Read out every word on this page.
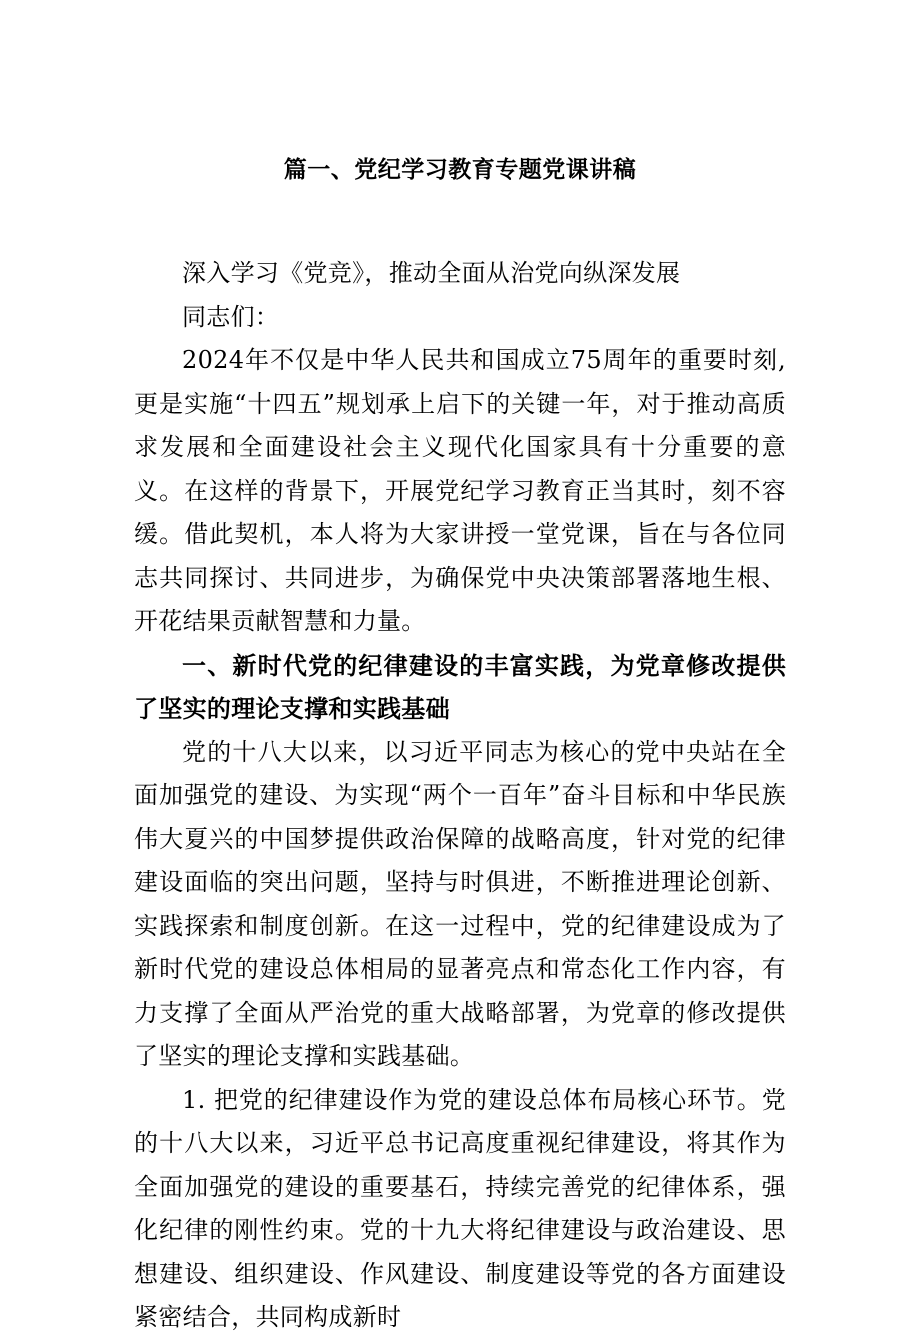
篇一、党纪学习教育专题党课讲稿

深入学习《党竞》，推动全面从治党向纵深发展

同志们：

2024年不仅是中华人民共和国成立75周年的重要时刻,更是实施“十四五”规划承上启下的关键一年，对于推动高质求发展和全面建设社会主义现代化国家具有十分重要的意义。在这样的背景下，开展党纪学习教育正当其时，刻不容缓。借此契机，本人将为大家讲授一堂党课，旨在与各位同志共同探讨、共同进步，为确保党中央决策部署落地生根、开花结果贡献智慧和力量。

一、新时代党的纪律建设的丰富实践，为党章修改提供了坚实的理论支撑和实践基础

党的十八大以来，以习近平同志为核心的党中央站在全面加强党的建设、为实现“两个一百年”奋斗目标和中华民族伟大夏兴的中国梦提供政治保障的战略高度，针对党的纪律建设面临的突出问题，坚持与时俱进，不断推进理论创新、实践探索和制度创新。在这一过程中，党的纪律建设成为了新时代党的建设总体相局的显著亮点和常态化工作内容，有力支撑了全面从严治党的重大战略部署，为党章的修改提供了坚实的理论支撑和实践基础。

1. 把党的纪律建设作为党的建设总体布局核心环节。党的十八大以来，习近平总书记高度重视纪律建设，将其作为全面加强党的建设的重要基石，持续完善党的纪律体系，强化纪律的刚性约束。党的十九大将纪律建设与政治建设、思想建设、组织建设、作风建设、制度建设等党的各方面建设紧密结合，共同构成新时
